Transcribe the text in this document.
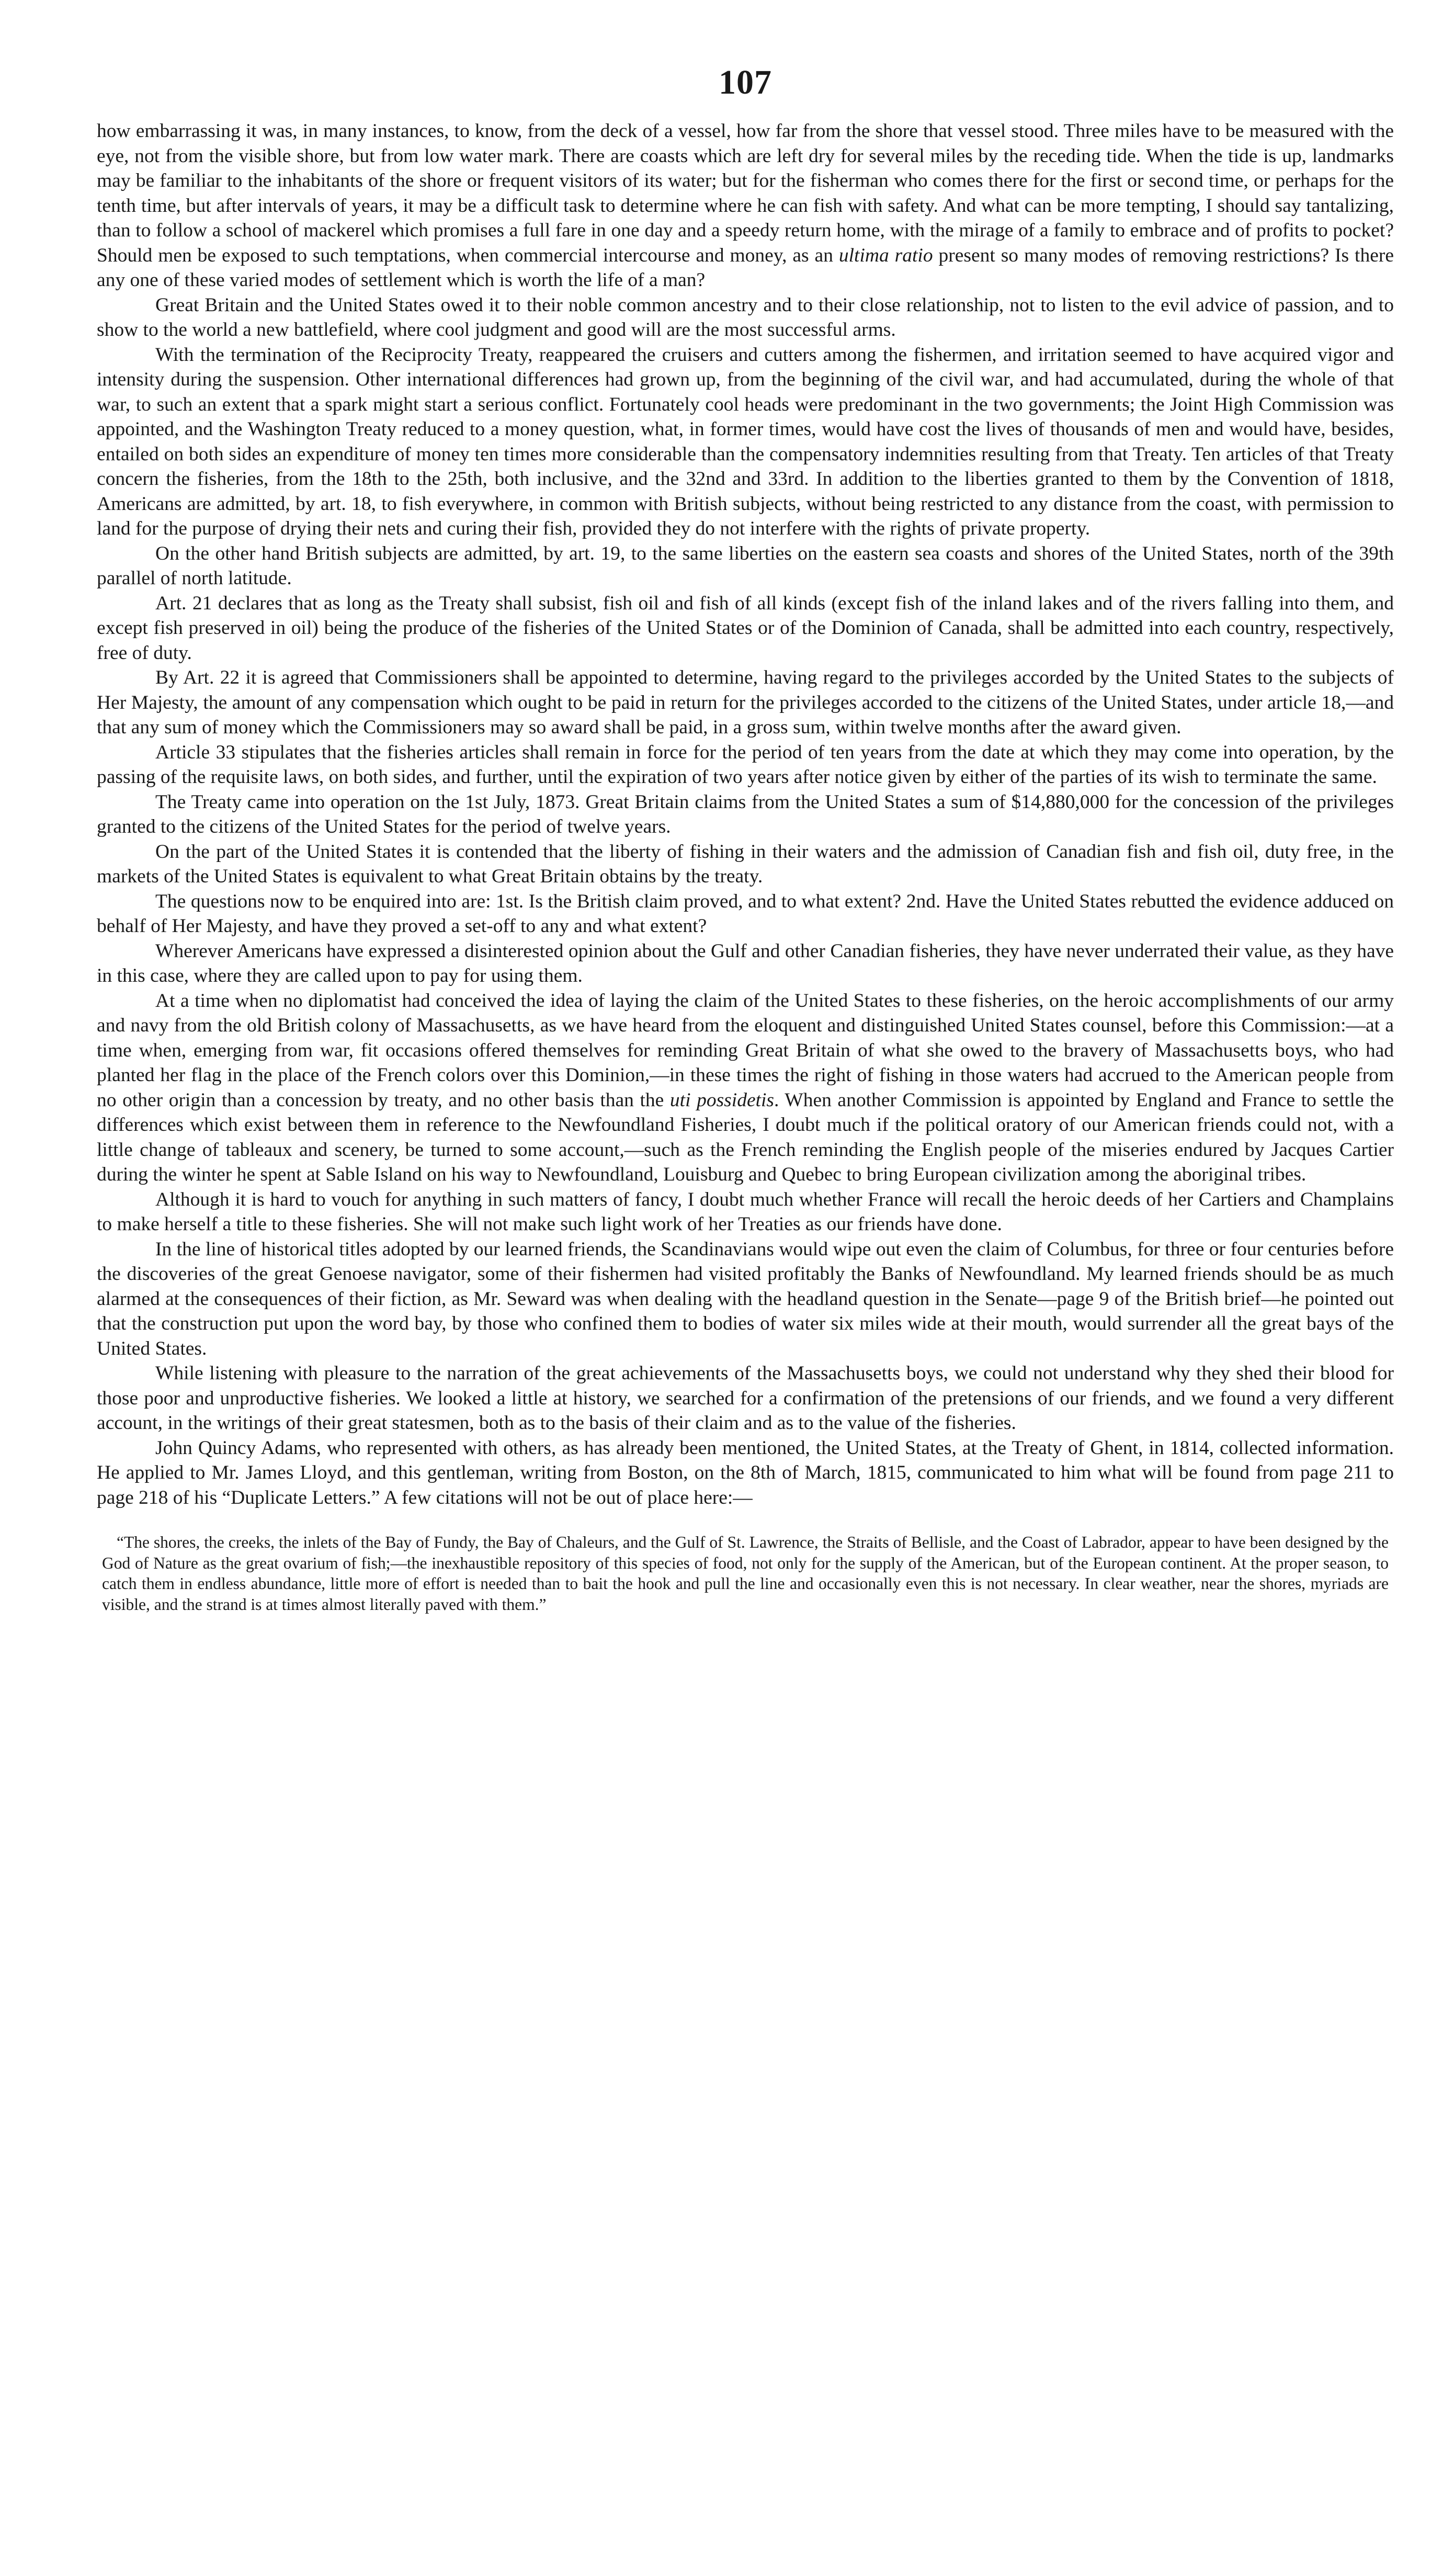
107

how embarrassing it was, in many instances, to know, from the deck of a vessel, how far from the shore that vessel stood. Three miles have to be measured with the eye, not from the visible shore, but from low water mark. There are coasts which are left dry for several miles by the receding tide. When the tide is up, landmarks may be familiar to the inhabitants of the shore or frequent visitors of its water; but for the fisherman who comes there for the first or second time, or perhaps for the tenth time, but after intervals of years, it may be a difficult task to determine where he can fish with safety. And what can be more tempting, I should say tantalizing, than to follow a school of mackerel which promises a full fare in one day and a speedy return home, with the mirage of a family to embrace and of profits to pocket? Should men be exposed to such temptations, when commercial intercourse and money, as an ultima ratio present so many modes of removing restrictions? Is there any one of these varied modes of settlement which is worth the life of a man?

Great Britain and the United States owed it to their noble common ancestry and to their close relationship, not to listen to the evil advice of passion, and to show to the world a new battlefield, where cool judgment and good will are the most successful arms.

With the termination of the Reciprocity Treaty, reappeared the cruisers and cutters among the fishermen, and irritation seemed to have acquired vigor and intensity during the suspension. Other international differences had grown up, from the beginning of the civil war, and had accumulated, during the whole of that war, to such an extent that a spark might start a serious conflict. Fortunately cool heads were predominant in the two governments; the Joint High Commission was appointed, and the Washington Treaty reduced to a money question, what, in former times, would have cost the lives of thousands of men and would have, besides, entailed on both sides an expenditure of money ten times more considerable than the compensatory indemnities resulting from that Treaty. Ten articles of that Treaty concern the fisheries, from the 18th to the 25th, both inclusive, and the 32nd and 33rd. In addition to the liberties granted to them by the Convention of 1818, Americans are admitted, by art. 18, to fish everywhere, in common with British subjects, without being restricted to any distance from the coast, with permission to land for the purpose of drying their nets and curing their fish, provided they do not interfere with the rights of private property.

On the other hand British subjects are admitted, by art. 19, to the same liberties on the eastern sea coasts and shores of the United States, north of the 39th parallel of north latitude.

Art. 21 declares that as long as the Treaty shall subsist, fish oil and fish of all kinds (except fish of the inland lakes and of the rivers falling into them, and except fish preserved in oil) being the produce of the fisheries of the United States or of the Dominion of Canada, shall be admitted into each country, respectively, free of duty.

By Art. 22 it is agreed that Commissioners shall be appointed to determine, having regard to the privileges accorded by the United States to the subjects of Her Majesty, the amount of any compensation which ought to be paid in return for the privileges accorded to the citizens of the United States, under article 18,—and that any sum of money which the Commissioners may so award shall be paid, in a gross sum, within twelve months after the award given.

Article 33 stipulates that the fisheries articles shall remain in force for the period of ten years from the date at which they may come into operation, by the passing of the requisite laws, on both sides, and further, until the expiration of two years after notice given by either of the parties of its wish to terminate the same.

The Treaty came into operation on the 1st July, 1873. Great Britain claims from the United States a sum of $14,880,000 for the concession of the privileges granted to the citizens of the United States for the period of twelve years.

On the part of the United States it is contended that the liberty of fishing in their waters and the admission of Canadian fish and fish oil, duty free, in the markets of the United States is equivalent to what Great Britain obtains by the treaty.

The questions now to be enquired into are: 1st. Is the British claim proved, and to what extent? 2nd. Have the United States rebutted the evidence adduced on behalf of Her Majesty, and have they proved a set-off to any and what extent?

Wherever Americans have expressed a disinterested opinion about the Gulf and other Canadian fisheries, they have never underrated their value, as they have in this case, where they are called upon to pay for using them.

At a time when no diplomatist had conceived the idea of laying the claim of the United States to these fisheries, on the heroic accomplishments of our army and navy from the old British colony of Massachusetts, as we have heard from the eloquent and distinguished United States counsel, before this Commission:—at a time when, emerging from war, fit occasions offered themselves for reminding Great Britain of what she owed to the bravery of Massachusetts boys, who had planted her flag in the place of the French colors over this Dominion,—in these times the right of fishing in those waters had accrued to the American people from no other origin than a concession by treaty, and no other basis than the uti possidetis. When another Commission is appointed by England and France to settle the differences which exist between them in reference to the Newfoundland Fisheries, I doubt much if the political oratory of our American friends could not, with a little change of tableaux and scenery, be turned to some account,—such as the French reminding the English people of the miseries endured by Jacques Cartier during the winter he spent at Sable Island on his way to Newfoundland, Louisburg and Quebec to bring European civilization among the aboriginal tribes.

Although it is hard to vouch for anything in such matters of fancy, I doubt much whether France will recall the heroic deeds of her Cartiers and Champlains to make herself a title to these fisheries. She will not make such light work of her Treaties as our friends have done.

In the line of historical titles adopted by our learned friends, the Scandinavians would wipe out even the claim of Columbus, for three or four centuries before the discoveries of the great Genoese navigator, some of their fishermen had visited profitably the Banks of Newfoundland. My learned friends should be as much alarmed at the consequences of their fiction, as Mr. Seward was when dealing with the headland question in the Senate—page 9 of the British brief—he pointed out that the construction put upon the word bay, by those who confined them to bodies of water six miles wide at their mouth, would surrender all the great bays of the United States.

While listening with pleasure to the narration of the great achievements of the Massachusetts boys, we could not understand why they shed their blood for those poor and unproductive fisheries. We looked a little at history, we searched for a confirmation of the pretensions of our friends, and we found a very different account, in the writings of their great statesmen, both as to the basis of their claim and as to the value of the fisheries.

John Quincy Adams, who represented with others, as has already been mentioned, the United States, at the Treaty of Ghent, in 1814, collected information. He applied to Mr. James Lloyd, and this gentleman, writing from Boston, on the 8th of March, 1815, communicated to him what will be found from page 211 to page 218 of his “Duplicate Letters.” A few citations will not be out of place here:—

“The shores, the creeks, the inlets of the Bay of Fundy, the Bay of Chaleurs, and the Gulf of St. Lawrence, the Straits of Bellisle, and the Coast of Labrador, appear to have been designed by the God of Nature as the great ovarium of fish;—the inexhaustible repository of this species of food, not only for the supply of the American, but of the European continent. At the proper season, to catch them in endless abundance, little more of effort is needed than to bait the hook and pull the line and occasionally even this is not necessary. In clear weather, near the shores, myriads are visible, and the strand is at times almost literally paved with them.”
